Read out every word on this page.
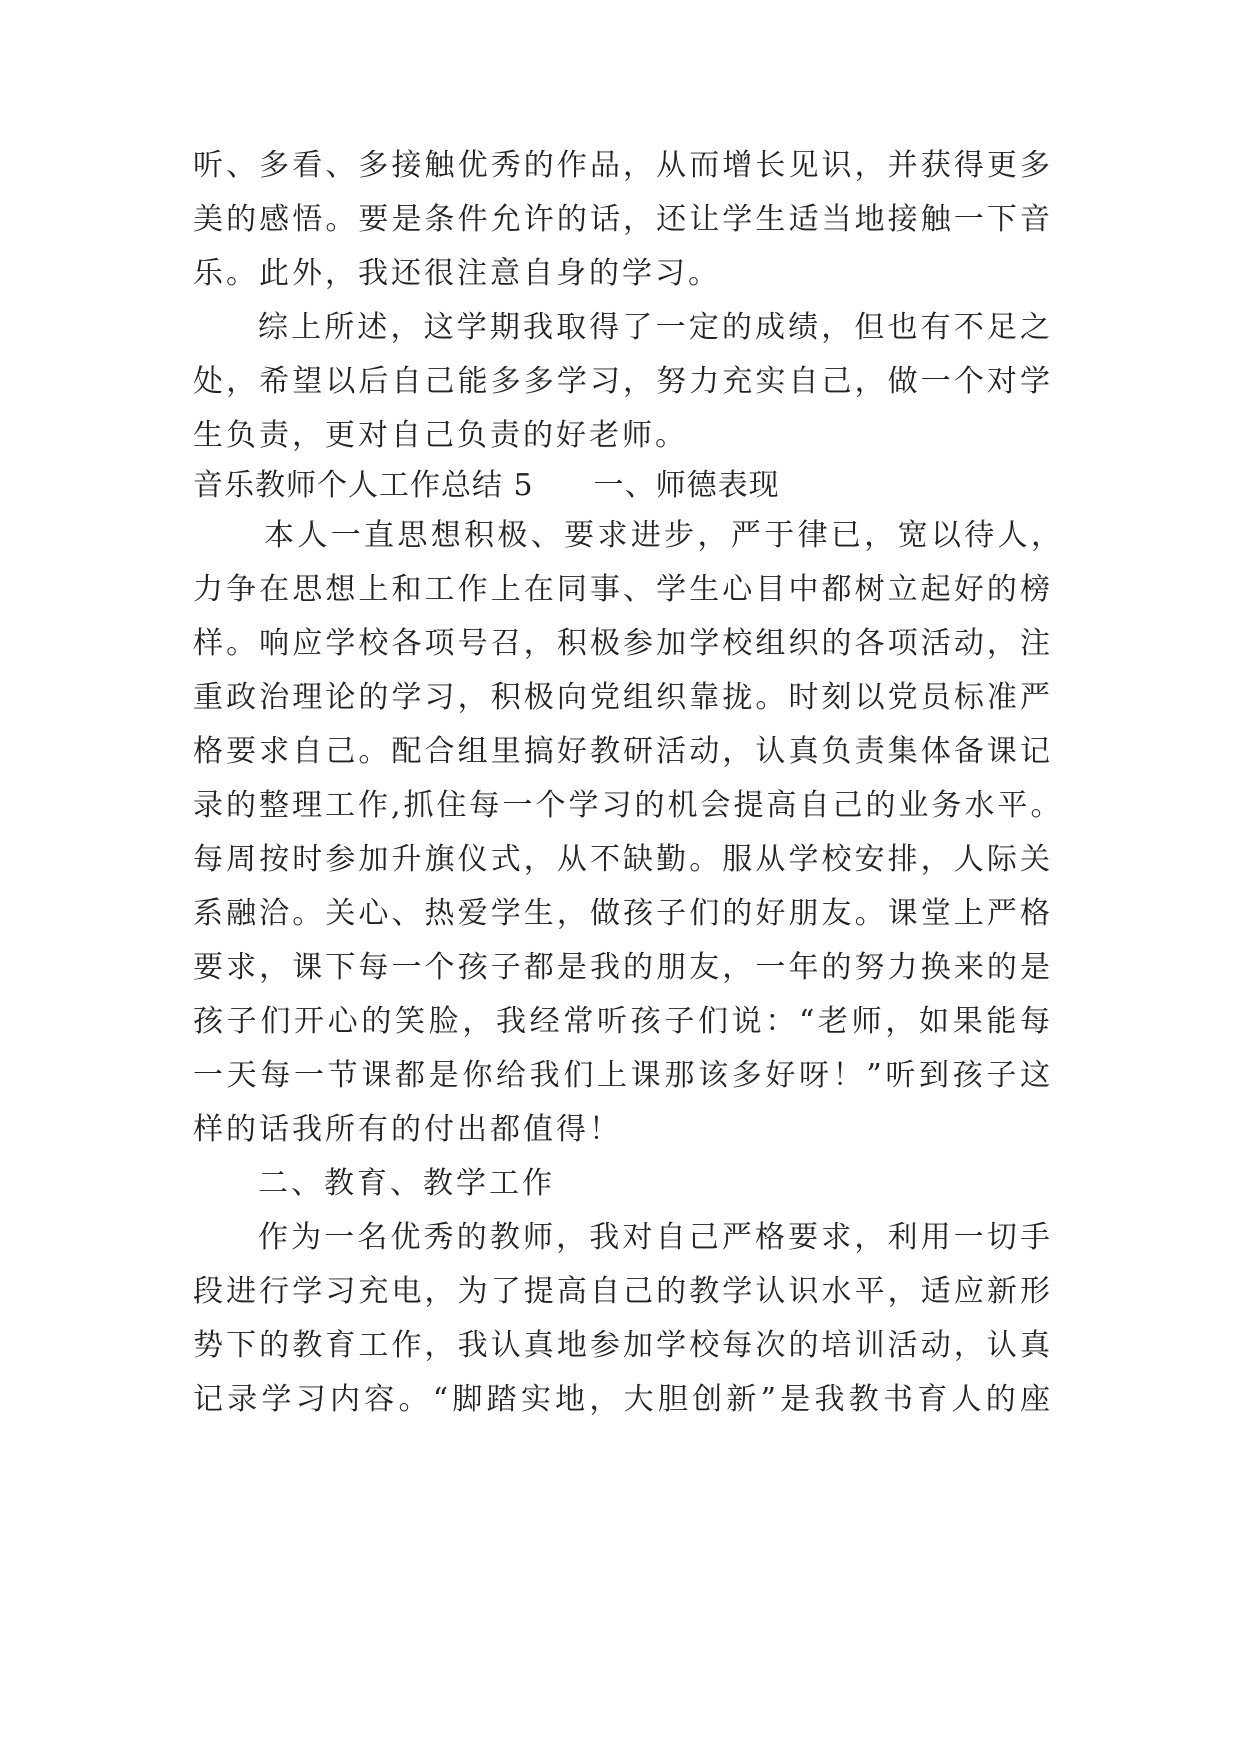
听、多看、多接触优秀的作品，从而增长见识，并获得更多
美的感悟。要是条件允许的话，还让学生适当地接触一下音
乐。此外，我还很注意自身的学习。
综上所述，这学期我取得了一定的成绩，但也有不足之
处，希望以后自己能多多学习，努力充实自己，做一个对学
生负责，更对自己负责的好老师。
音乐教师个人工作总结 5 一、师德表现
本人一直思想积极、要求进步，严于律已，宽以待人，
力争在思想上和工作上在同事、学生心目中都树立起好的榜
样。响应学校各项号召，积极参加学校组织的各项活动，注
重政治理论的学习，积极向党组织靠拢。时刻以党员标准严
格要求自己。配合组里搞好教研活动，认真负责集体备课记
录的整理工作,抓住每一个学习的机会提高自己的业务水平。
每周按时参加升旗仪式，从不缺勤。服从学校安排，人际关
系融洽。关心、热爱学生，做孩子们的好朋友。课堂上严格
要求，课下每一个孩子都是我的朋友，一年的努力换来的是
孩子们开心的笑脸，我经常听孩子们说：“老师，如果能每
一天每一节课都是你给我们上课那该多好呀！”听到孩子这
样的话我所有的付出都值得！
二、教育、教学工作
作为一名优秀的教师，我对自己严格要求，利用一切手
段进行学习充电，为了提高自己的教学认识水平，适应新形
势下的教育工作，我认真地参加学校每次的培训活动，认真
记录学习内容。“脚踏实地，大胆创新”是我教书育人的座
